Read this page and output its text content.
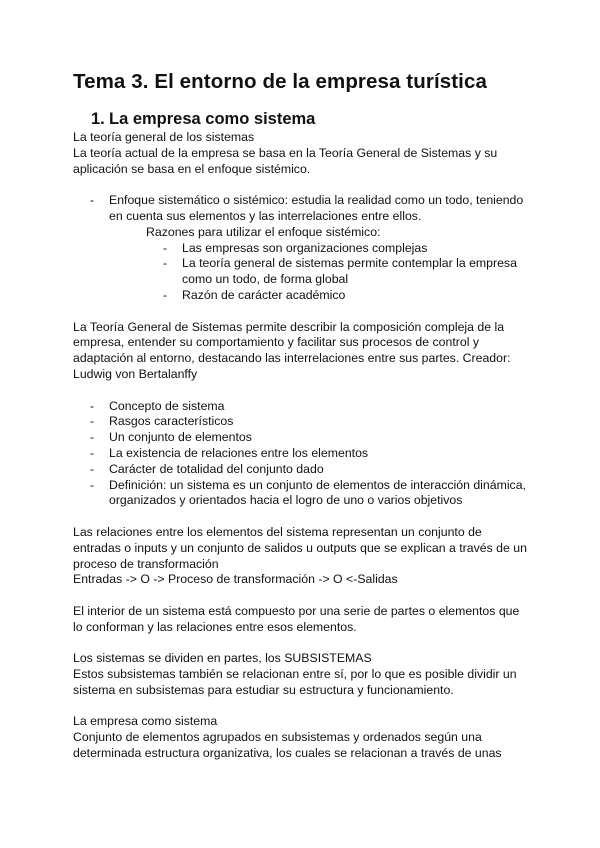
Tema 3. El entorno de la empresa turística
1. La empresa como sistema

La teoría general de los sistemas

La teoría actual de la empresa se basa en la Teoría General de Sistemas y su aplicación se basa en el enfoque sistémico.

- Enfoque sistemático o sistémico: estudia la realidad como un todo, teniendo en cuenta sus elementos y las interrelaciones entre ellos.

Razones para utilizar el enfoque sistémico:

- Las empresas son organizaciones complejas
- La teoría general de sistemas permite contemplar la empresa como un todo, de forma global
- Razón de carácter académico

La Teoría General de Sistemas permite describir la composición compleja de la empresa, entender su comportamiento y facilitar sus procesos de control y adaptación al entorno, destacando las interrelaciones entre sus partes. Creador: Ludwig von Bertalanffy

- Concepto de sistema
- Rasgos característicos
- Un conjunto de elementos
- La existencia de relaciones entre los elementos
- Carácter de totalidad del conjunto dado
- Definición: un sistema es un conjunto de elementos de interacción dinámica, organizados y orientados hacia el logro de uno o varios objetivos

Las relaciones entre los elementos del sistema representan un conjunto de entradas o inputs y un conjunto de salidos u outputs que se explican a través de un proceso de transformación

Entradas -> O -> Proceso de transformación -> O <-Salidas

El interior de un sistema está compuesto por una serie de partes o elementos que lo conforman y las relaciones entre esos elementos.

Los sistemas se dividen en partes, los SUBSISTEMAS

Estos subsistemas también se relacionan entre sí, por lo que es posible dividir un sistema en subsistemas para estudiar su estructura y funcionamiento.

La empresa como sistema

Conjunto de elementos agrupados en subsistemas y ordenados según una determinada estructura organizativa, los cuales se relacionan a través de unas
